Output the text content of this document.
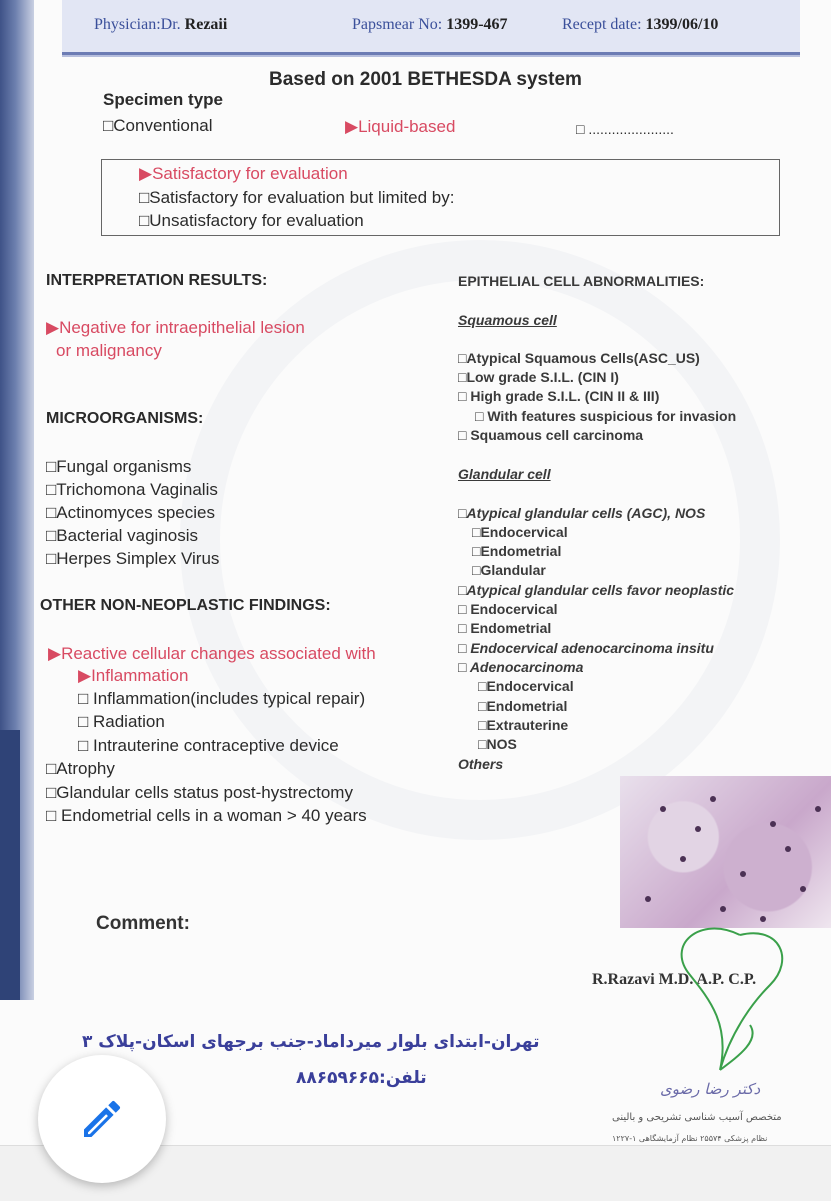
Physician:Dr. Rezaii	Papsmear No: 1399-467	Recept date: 1399/06/10
Based on 2001 BETHESDA system
Specimen type
□Conventional	▶Liquid-based	□ ......................
▶Satisfactory for evaluation
□Satisfactory for evaluation but limited by:
□Unsatisfactory for evaluation
INTERPRETATION RESULTS:
▶Negative for intraepithelial lesion
or malignancy
MICROORGANISMS:
□Fungal organisms
□Trichomona Vaginalis
□Actinomyces species
□Bacterial vaginosis
□Herpes Simplex Virus
OTHER NON-NEOPLASTIC FINDINGS:
▶Reactive cellular changes associated with
▶Inflammation
□ Inflammation(includes typical repair)
□ Radiation
□ Intrauterine contraceptive device
□Atrophy
□Glandular cells status post-hystrectomy
□ Endometrial cells in a woman > 40 years
EPITHELIAL CELL ABNORMALITIES:
Squamous cell
□Atypical Squamous Cells(ASC_US)
□Low grade S.I.L. (CIN I)
□ High grade S.I.L. (CIN II & III)
□ With features suspicious for invasion
□ Squamous cell carcinoma
Glandular cell
□Atypical glandular cells (AGC), NOS
□Endocervical
□Endometrial
□Glandular
□Atypical glandular cells favor neoplastic
□ Endocervical
□ Endometrial
□ Endocervical adenocarcinoma insitu
□ Adenocarcinoma
□Endocervical
□Endometrial
□Extrauterine
□NOS
Others
Comment:
R.Razavi M.D. A.P. C.P.
دکتر رضا رضوی
متخصص آسیب شناسی تشریحی و بالینی
نظام پزشکی ۲۵۵۷۴ نظام آزمایشگاهی ۱-۱۲۲۷
تهران-ابتدای بلوار میرداماد-جنب برجهای اسکان-پلاک ۳
تلفن:۸۸۶۵۹۶۶۵
